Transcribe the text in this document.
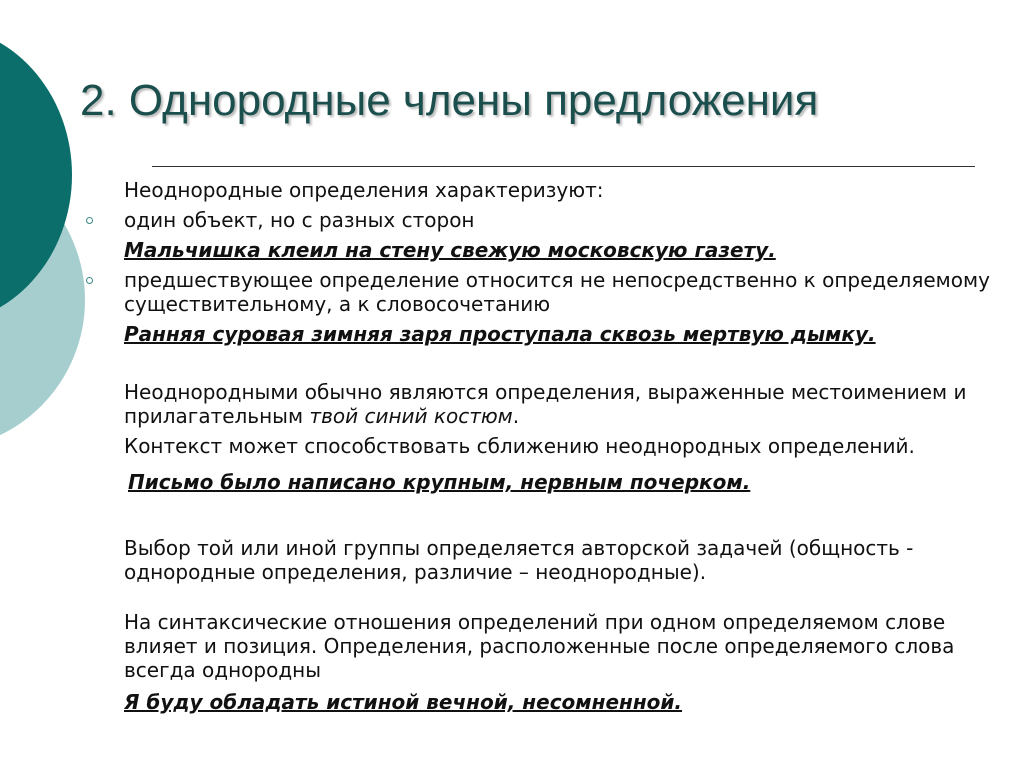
2. Однородные члены предложения

Неоднородные определения характеризуют:

один объект, но с разных сторон

Мальчишка клеил на стену свежую московскую газету.

предшествующее определение относится не непосредственно к определяемому существительному, а к словосочетанию

Ранняя суровая зимняя заря проступала сквозь мертвую дымку.

Неоднородными обычно являются определения, выраженные местоимением и прилагательным твой синий костюм.

Контекст может способствовать сближению неоднородных определений.

Письмо было написано крупным, нервным почерком.

Выбор той или иной группы определяется авторской задачей (общность - однородные определения, различие – неоднородные).

На синтаксические отношения определений при одном определяемом слове влияет и позиция. Определения, расположенные после определяемого слова всегда однородны

Я буду обладать истиной вечной, несомненной.
